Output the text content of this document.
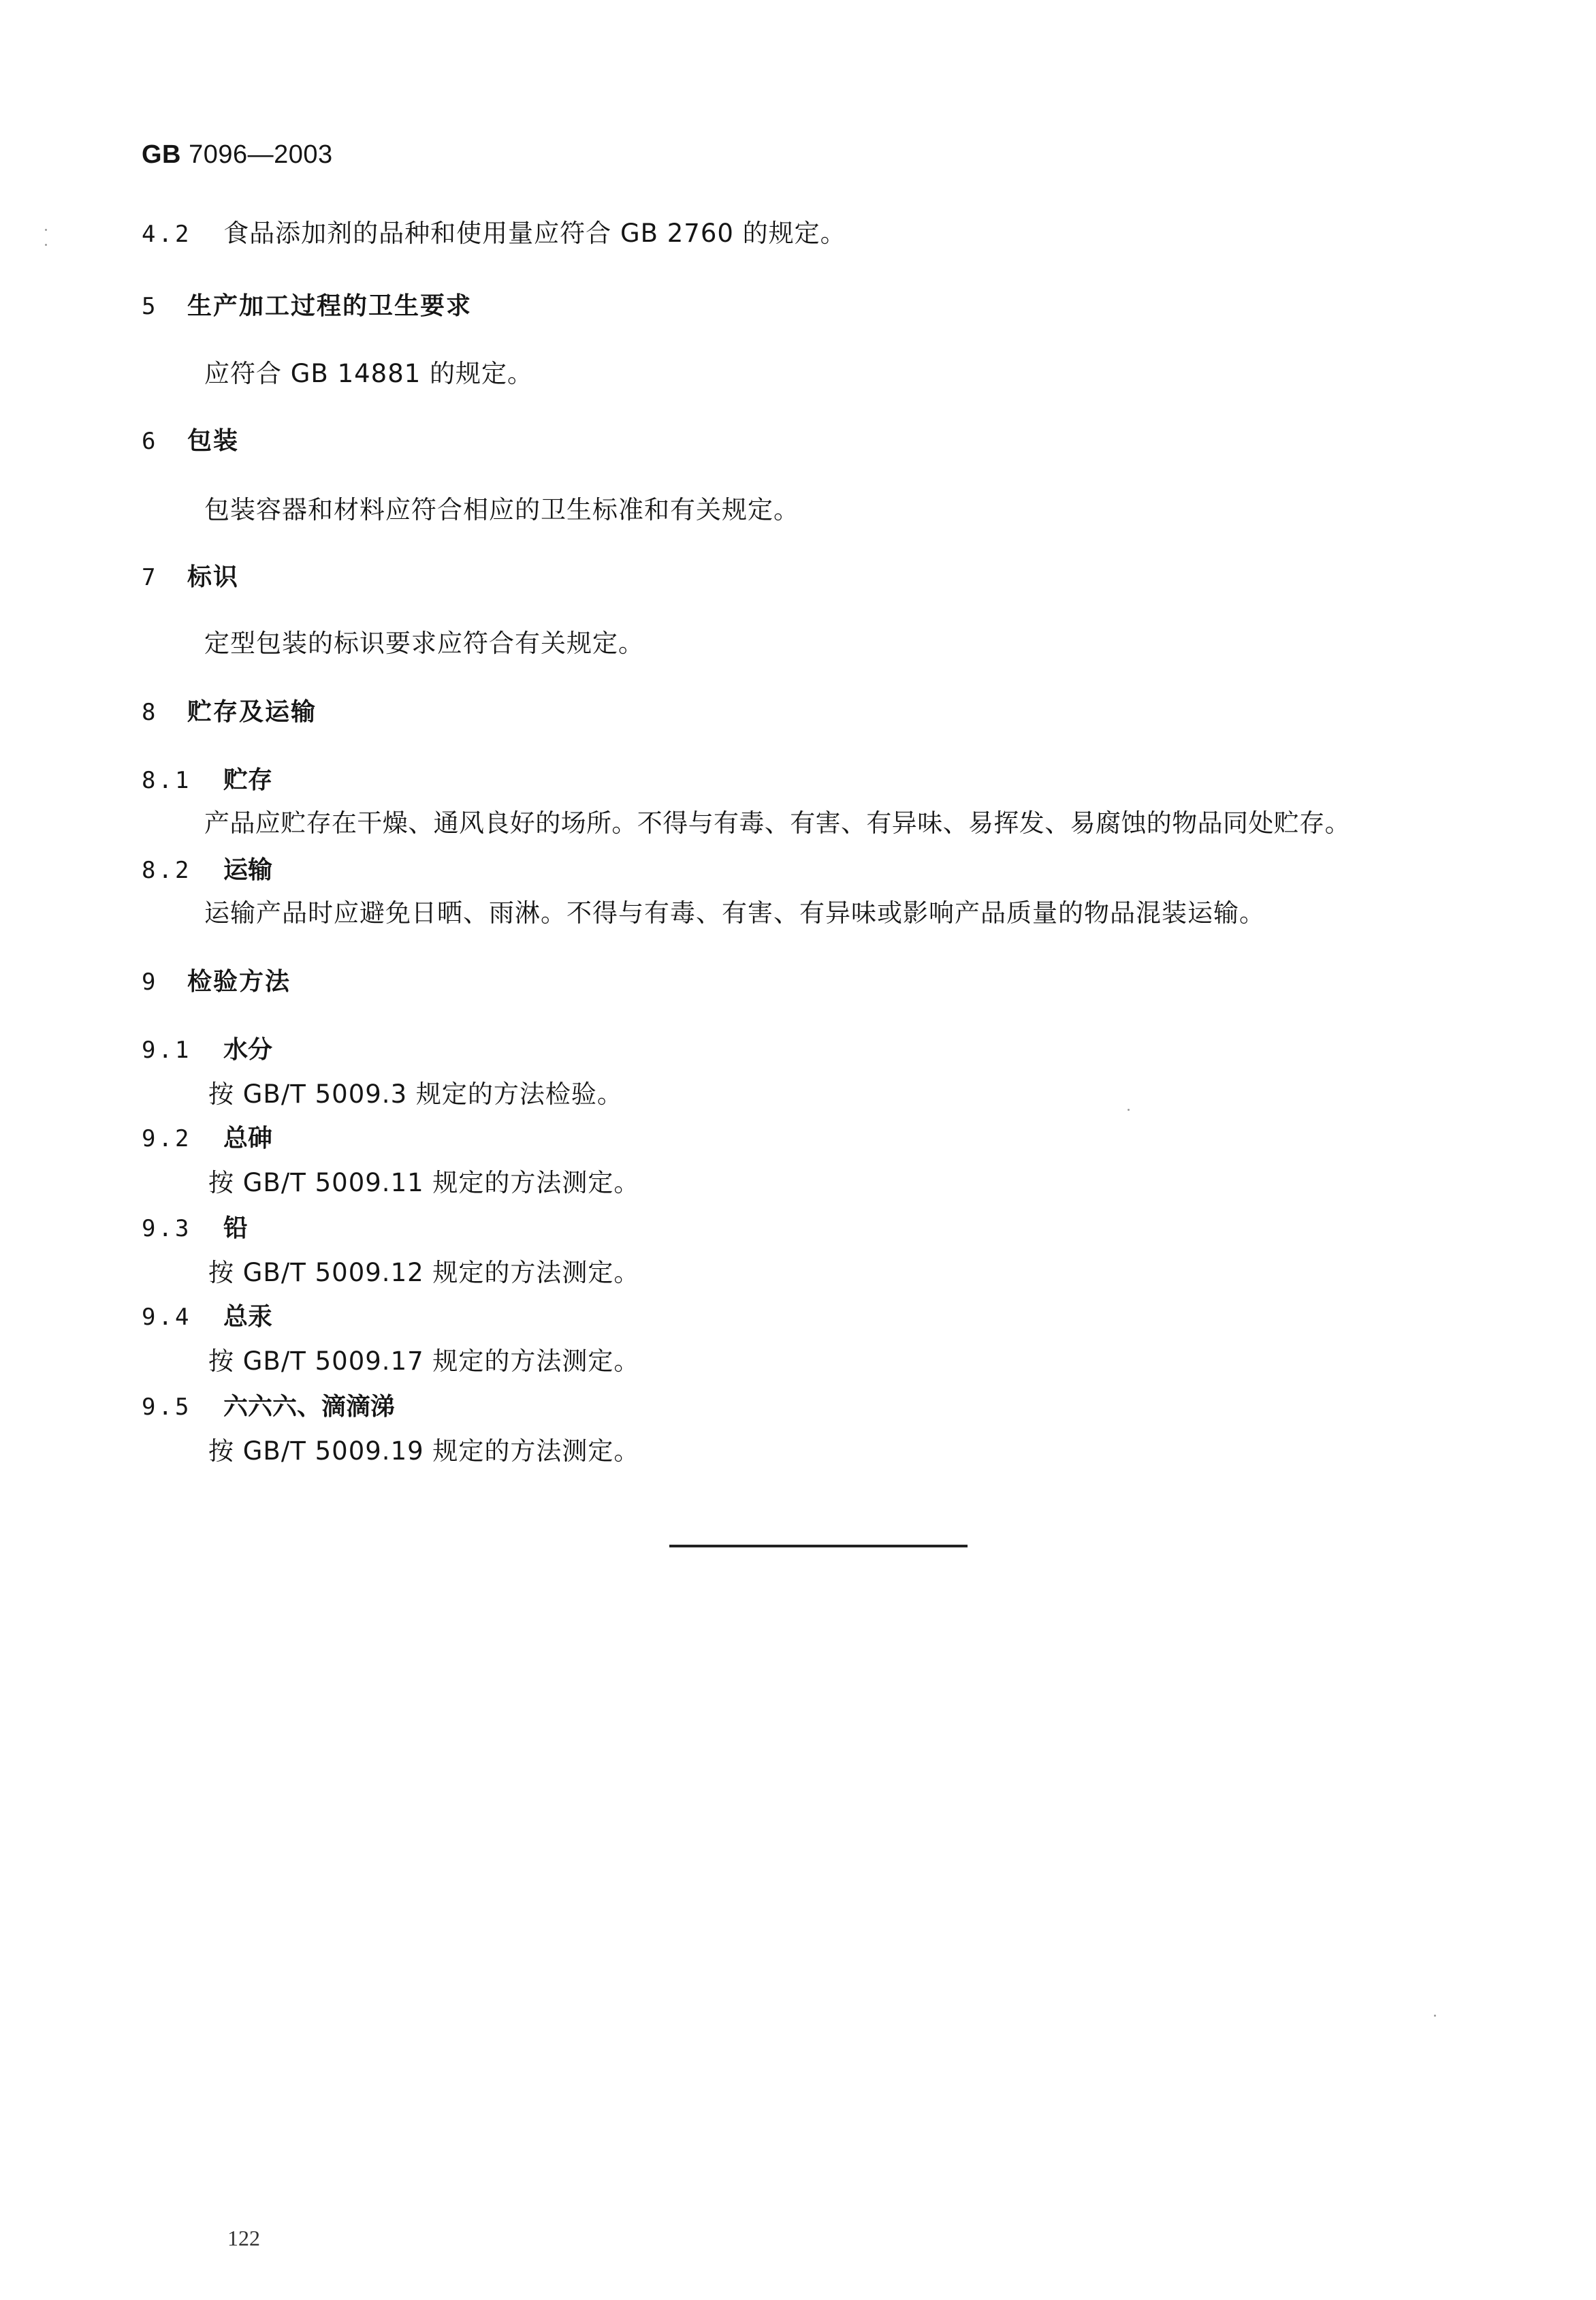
GB 7096—2003
4.2 食品添加剂的品种和使用量应符合 GB 2760 的规定。
5 生产加工过程的卫生要求
应符合 GB 14881 的规定。
6 包装
包装容器和材料应符合相应的卫生标准和有关规定。
7 标识
定型包装的标识要求应符合有关规定。
8 贮存及运输
8.1 贮存
产品应贮存在干燥、通风良好的场所。不得与有毒、有害、有异味、易挥发、易腐蚀的物品同处贮存。
8.2 运输
运输产品时应避免日晒、雨淋。不得与有毒、有害、有异味或影响产品质量的物品混装运输。
9 检验方法
9.1 水分
按 GB/T 5009.3 规定的方法检验。
9.2 总砷
按 GB/T 5009.11 规定的方法测定。
9.3 铅
按 GB/T 5009.12 规定的方法测定。
9.4 总汞
按 GB/T 5009.17 规定的方法测定。
9.5 六六六、滴滴涕
按 GB/T 5009.19 规定的方法测定。
122
